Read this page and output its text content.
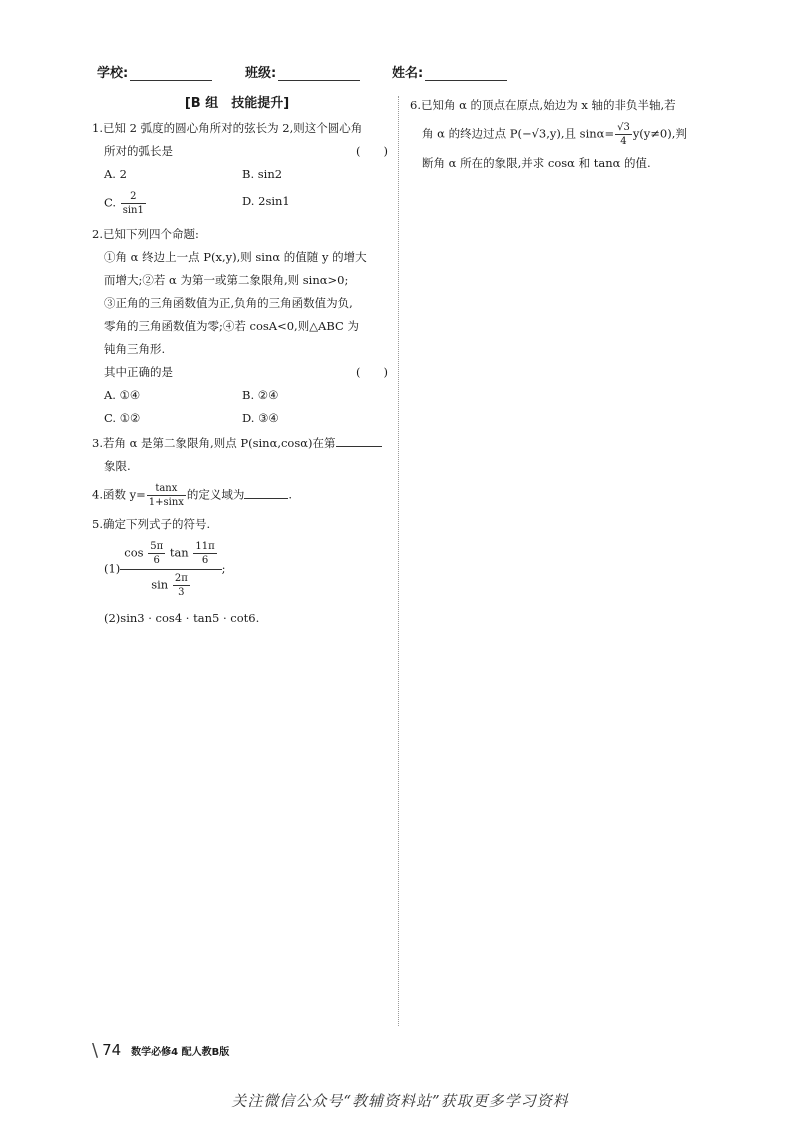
学校:	班级:	姓名:
[B 组　技能提升]
1.已知 2 弧度的圆心角所对的弦长为 2,则这个圆心角
所对的弧长是	(　　)
A. 2	B. sin2
C. $\frac{2}{\sin 1}$	D. 2sin1
2.已知下列四个命题:
①角 α 终边上一点 P(x,y),则 sinα 的值随 y 的增大
而增大;②若 α 为第一或第二象限角,则 sinα>0;
③正角的三角函数值为正,负角的三角函数值为负,
零角的三角函数值为零;④若 cosA<0,则△ABC 为
钝角三角形.
其中正确的是	(　　)
A. ①④	B. ②④
C. ①②	D. ③④
3.若角 α 是第二象限角,则点 P(sinα,cosα)在第
象限.
4.函数 $y= \frac{\tan x}{1+\sin x}$ 的定义域为	.
5.确定下列式子的符号.
$(1) \frac{\cos \frac{5\pi}{6} \tan \frac{11\pi}{6}}{\sin \frac{2\pi}{3}}$ ;
(2)sin3 · cos4 · tan5 · cot6.
6.已知角 α 的顶点在原点,始边为 x 轴的非负半轴,若
角 α 的终边过点 P(−√3,y),且 $\sin\alpha= \frac{√3}{4} y(y\ne 0)$,判
断角 α 所在的象限,并求 cosα 和 tanα 的值.
\ 74 数学必修4 配人教B版
关注微信公众号“教辅资料站”获取更多学习资料
